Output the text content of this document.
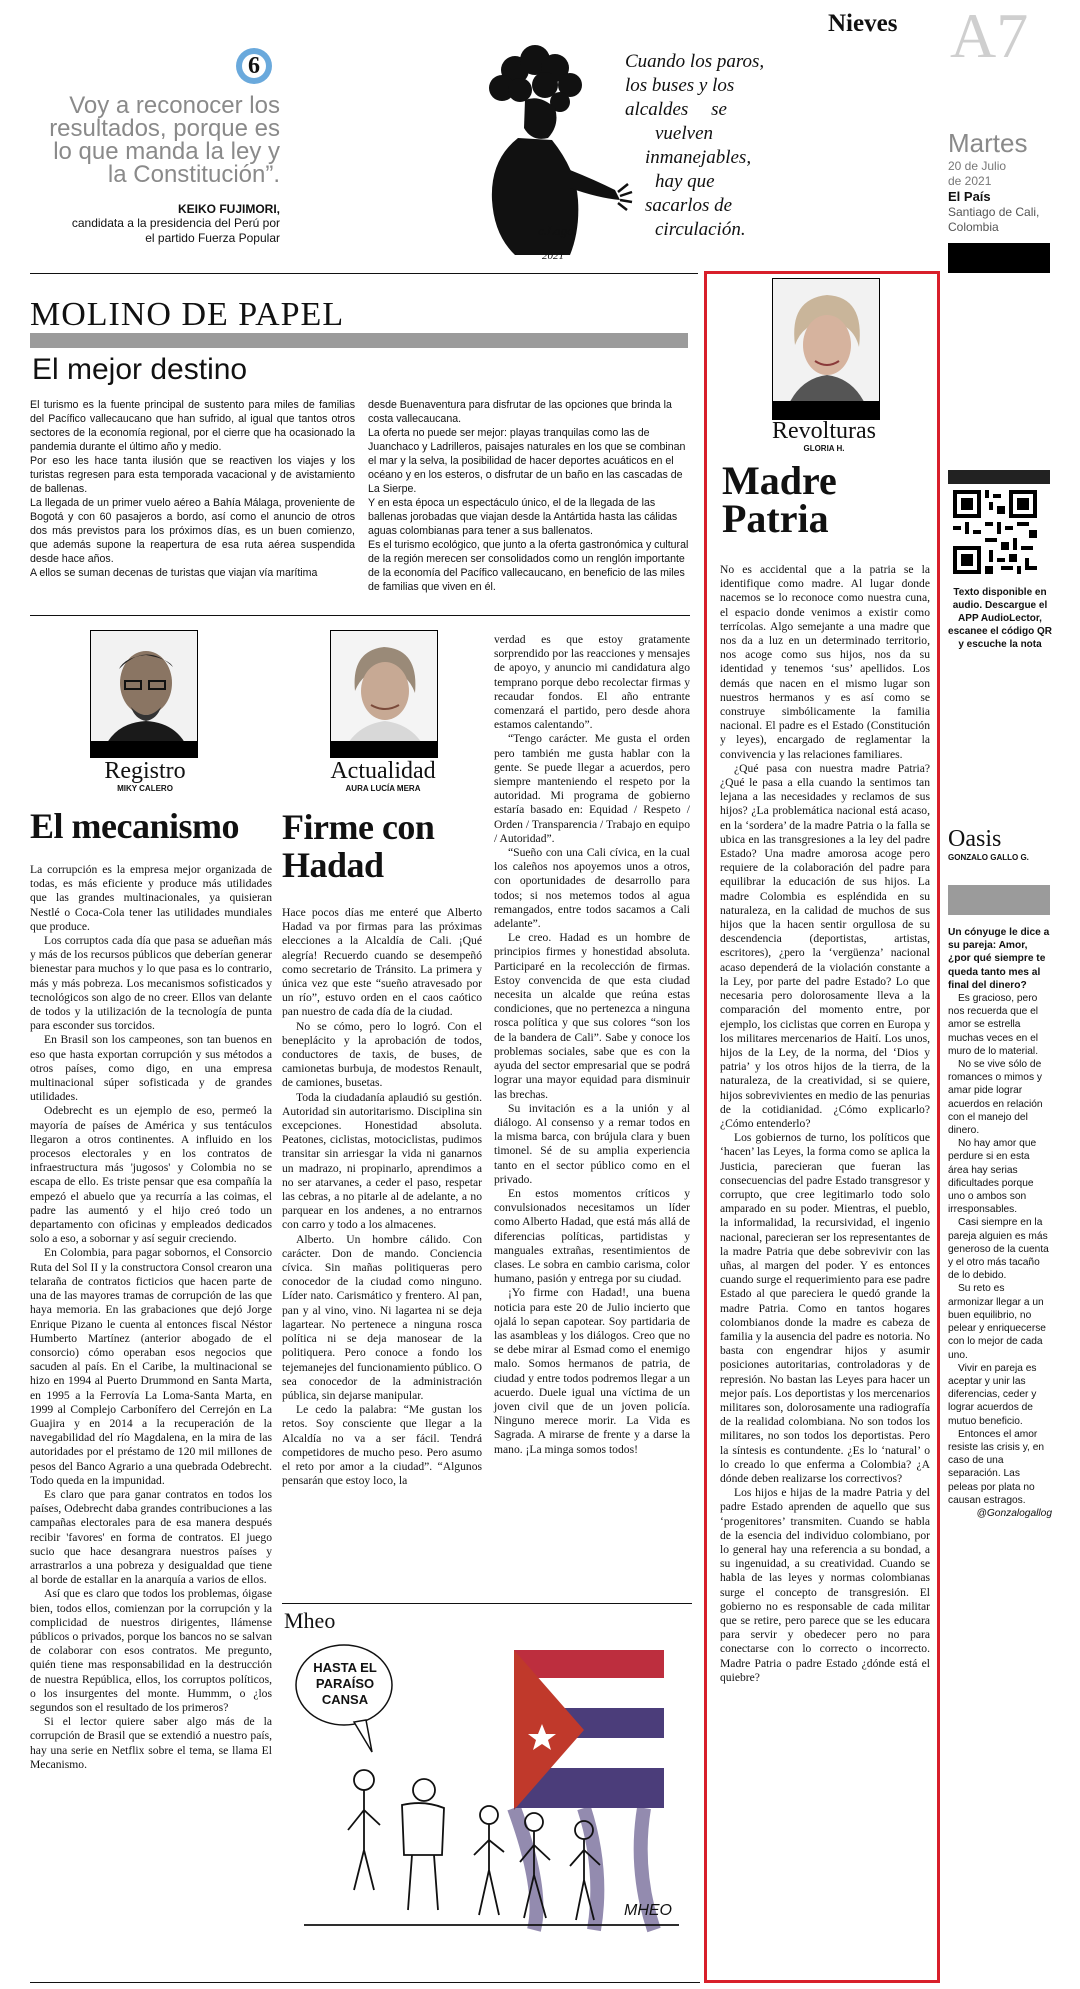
6
Voy a reconocer los resultados, porque es lo que manda la ley y la Constitución”.
KEIKO FUJIMORI,
candidata a la presidencia del Perú por el partido Fuerza Popular
Cuando los paros,
los buses y los
alcaldes se
vuelven
inmanejables,
hay que
sacarlos de
circulación.
c.Lago
2021
Nieves A7
Martes
20 de Julio
de 2021
El País
Santiago de Cali, Colombia
MOLINO DE PAPEL
El mejor destino

El turismo es la fuente principal de sustento para miles de familias del Pacífico vallecaucano que han sufrido, al igual que tantos otros sectores de la economía regional, por el cierre que ha ocasionado la pandemia durante el último año y medio.

Por eso les hace tanta ilusión que se reactiven los viajes y los turistas regresen para esta temporada vacacional y de avistamiento de ballenas.

La llegada de un primer vuelo aéreo a Bahía Málaga, proveniente de Bogotá y con 60 pasajeros a bordo, así como el anuncio de otros dos más previstos para los próximos días, es un buen comienzo, que además supone la reapertura de esa ruta aérea suspendida desde hace años.

A ellos se suman decenas de turistas que viajan vía marítima

desde Buenaventura para disfrutar de las opciones que brinda la costa vallecaucana.

La oferta no puede ser mejor: playas tranquilas como las de Juanchaco y Ladrilleros, paisajes naturales en los que se combinan el mar y la selva, la posibilidad de hacer deportes acuáticos en el océano y en los esteros, o disfrutar de un baño en las cascadas de La Sierpe.

Y en esta época un espectáculo único, el de la llegada de las ballenas jorobadas que viajan desde la Antártida hasta las cálidas aguas colombianas para tener a sus ballenatos.

Es el turismo ecológico, que junto a la oferta gastronómica y cultural de la región merecen ser consolidados como un renglón importante de la economía del Pacífico vallecaucano, en beneficio de las miles de familias que viven en él.

Registro
MIKY CALERO
El mecanismo

La corrupción es la empresa mejor organizada de todas, es más eficiente y produce más utilidades que las grandes multinacionales, ya quisieran Nestlé o Coca-Cola tener las utilidades mundiales que produce.

Los corruptos cada día que pasa se adueñan más y más de los recursos públicos que deberían generar bienestar para muchos y lo que pasa es lo contrario, más y más pobreza. Los mecanismos sofisticados y tecnológicos son algo de no creer. Ellos van delante de todos y la utilización de la tecnología de punta para esconder sus torcidos.

En Brasil son los campeones, son tan buenos en eso que hasta exportan corrupción y sus métodos a otros países, como digo, en una empresa multinacional súper sofisticada y de grandes utilidades.

Odebrecht es un ejemplo de eso, permeó la mayoría de países de América y sus tentáculos llegaron a otros continentes. A influido en los procesos electorales y en los contratos de infraestructura más 'jugosos' y Colombia no se escapa de ello. Es triste pensar que esa compañía la empezó el abuelo que ya recurría a las coimas, el padre las aumentó y el hijo creó todo un departamento con oficinas y empleados dedicados solo a eso, a sobornar y así seguir creciendo.

En Colombia, para pagar sobornos, el Consorcio Ruta del Sol II y la constructora Consol crearon una telaraña de contratos ficticios que hacen parte de una de las mayores tramas de corrupción de las que haya memoria. En las grabaciones que dejó Jorge Enrique Pizano le cuenta al entonces fiscal Néstor Humberto Martínez (anterior abogado de el consorcio) cómo operaban esos negocios que sacuden al país. En el Caribe, la multinacional se hizo en 1994 al Puerto Drummond en Santa Marta, en 1995 a la Ferrovía La Loma-Santa Marta, en 1999 al Complejo Carbonífero del Cerrejón en La Guajira y en 2014 a la recuperación de la navegabilidad del río Magdalena, en la mira de las autoridades por el préstamo de 120 mil millones de pesos del Banco Agrario a una quebrada Odebrecht. Todo queda en la impunidad.

Es claro que para ganar contratos en todos los países, Odebrecht daba grandes contribuciones a las campañas electorales para de esa manera después recibir 'favores' en forma de contratos. El juego sucio que hace desangrara nuestros países y arrastrarlos a una pobreza y desigualdad que tiene al borde de estallar en la anarquía a varios de ellos.

Así que es claro que todos los problemas, óigase bien, todos ellos, comienzan por la corrupción y la complicidad de nuestros dirigentes, llámense públicos o privados, porque los bancos no se salvan de colaborar con esos contratos. Me pregunto, quién tiene mas responsabilidad en la destrucción de nuestra República, ellos, los corruptos políticos, o los insurgentes del monte. Hummm, o ¿los segundos son el resultado de los primeros?

Si el lector quiere saber algo más de la corrupción de Brasil que se extendió a nuestro país, hay una serie en Netflix sobre el tema, se llama El Mecanismo.

Actualidad
AURA LUCÍA MERA
Firme con Hadad

Hace pocos días me enteré que Alberto Hadad va por firmas para las próximas elecciones a la Alcaldía de Cali. ¡Qué alegría! Recuerdo cuando se desempeñó como secretario de Tránsito. La primera y única vez que este “sueño atravesado por un río”, estuvo orden en el caos caótico pan nuestro de cada día de la ciudad.

No se cómo, pero lo logró. Con el beneplácito y la aprobación de todos, conductores de taxis, de buses, de camionetas burbuja, de modestos Renault, de camiones, busetas.

Toda la ciudadanía aplaudió su gestión. Autoridad sin autoritarismo. Disciplina sin excepciones. Honestidad absoluta. Peatones, ciclistas, motociclistas, pudimos transitar sin arriesgar la vida ni ganarnos un madrazo, ni propinarlo, aprendimos a no ser atarvanes, a ceder el paso, respetar las cebras, a no pitarle al de adelante, a no parquear en los andenes, a no entrarnos con carro y todo a los almacenes.

Alberto. Un hombre cálido. Con carácter. Don de mando. Conciencia cívica. Sin mañas politiqueras pero conocedor de la ciudad como ninguno. Líder nato. Carismático y frentero. Al pan, pan y al vino, vino. Ni lagartea ni se deja lagartear. No pertenece a ninguna rosca política ni se deja manosear de la politiquera. Pero conoce a fondo los tejemanejes del funcionamiento público. O sea conocedor de la administración pública, sin dejarse manipular.

Le cedo la palabra: “Me gustan los retos. Soy consciente que llegar a la Alcaldía no va a ser fácil. Tendrá competidores de mucho peso. Pero asumo el reto por amor a la ciudad”. “Algunos pensarán que estoy loco, la

verdad es que estoy gratamente sorprendido por las reacciones y mensajes de apoyo, y anuncio mi candidatura algo temprano porque debo recolectar firmas y recaudar fondos. El año entrante comenzará el partido, pero desde ahora estamos calentando”.

“Tengo carácter. Me gusta el orden pero también me gusta hablar con la gente. Se puede llegar a acuerdos, pero siempre manteniendo el respeto por la autoridad. Mi programa de gobierno estaría basado en: Equidad / Respeto / Orden / Transparencia / Trabajo en equipo / Autoridad”.

“Sueño con una Cali cívica, en la cual los caleños nos apoyemos unos a otros, con oportunidades de desarrollo para todos; si nos metemos todos al agua remangados, entre todos sacamos a Cali adelante”.

Le creo. Hadad es un hombre de principios firmes y honestidad absoluta. Participaré en la recolección de firmas. Estoy convencida de que esta ciudad necesita un alcalde que reúna estas condiciones, que no pertenezca a ninguna rosca política y que sus colores “son los de la bandera de Cali”. Sabe y conoce los problemas sociales, sabe que es con la ayuda del sector empresarial que se podrá lograr una mayor equidad para disminuir las brechas.

Su invitación es a la unión y al diálogo. Al consenso y a remar todos en la misma barca, con brújula clara y buen timonel. Sé de su amplia experiencia tanto en el sector público como en el privado.

En estos momentos críticos y convulsionados necesitamos un líder como Alberto Hadad, que está más allá de diferencias políticas, partidistas y manguales extrañas, resentimientos de clases. Le sobra en cambio carisma, color humano, pasión y entrega por su ciudad.

¡Yo firme con Hadad!, una buena noticia para este 20 de Julio incierto que ojalá lo sepan capotear. Soy partidaria de las asambleas y los diálogos. Creo que no se debe mirar al Esmad como el enemigo malo. Somos hermanos de patria, de ciudad y entre todos podremos llegar a un acuerdo. Duele igual una víctima de un joven civil que de un joven policía. Ninguno merece morir. La Vida es Sagrada. A mirarse de frente y a darse la mano. ¡La minga somos todos!

Mheo
HASTA EL
PARAÍSO
CANSA
MHEO
Revolturas
GLORIA H.
Madre
Patria

No es accidental que a la patria se la identifique como madre. Al lugar donde nacemos se lo reconoce como nuestra cuna, el espacio donde venimos a existir como terrícolas. Algo semejante a una madre que nos da a luz en un determinado territorio, nos acoge como sus hijos, nos da su identidad y tenemos ‘sus’ apellidos. Los demás que nacen en el mismo lugar son nuestros hermanos y es así como se construye simbólicamente la familia nacional. El padre es el Estado (Constitución y leyes), encargado de reglamentar la convivencia y las relaciones familiares.

¿Qué pasa con nuestra madre Patria? ¿Qué le pasa a ella cuando la sentimos tan lejana a las necesidades y reclamos de sus hijos? ¿La problemática nacional está acaso, en la ‘sordera’ de la madre Patria o la falla se ubica en las transgresiones a la ley del padre Estado? Una madre amorosa acoge pero requiere de la colaboración del padre para equilibrar la educación de sus hijos. La madre Colombia es espléndida en su naturaleza, en la calidad de muchos de sus hijos que la hacen sentir orgullosa de su descendencia (deportistas, artistas, escritores), ¿pero la ‘vergüenza’ nacional acaso dependerá de la violación constante a la Ley, por parte del padre Estado? Lo que necesaria pero dolorosamente lleva a la comparación del momento entre, por ejemplo, los ciclistas que corren en Europa y los militares mercenarios de Haití. Los unos, hijos de la Ley, de la norma, del ‘Dios y patria’ y los otros hijos de la tierra, de la naturaleza, de la creatividad, si se quiere, hijos sobrevivientes en medio de las penurias de la cotidianidad. ¿Cómo explicarlo? ¿Cómo entenderlo?

Los gobiernos de turno, los políticos que ‘hacen’ las Leyes, la forma como se aplica la Justicia, parecieran que fueran las consecuencias del padre Estado transgresor y corrupto, que cree legitimarlo todo solo amparado en su poder. Mientras, el pueblo, la informalidad, la recursividad, el ingenio nacional, parecieran ser los representantes de la madre Patria que debe sobrevivir con las uñas, al margen del poder. Y es entonces cuando surge el requerimiento para ese padre Estado al que pareciera le quedó grande la madre Patria. Como en tantos hogares colombianos donde la madre es cabeza de familia y la ausencia del padre es notoria. No basta con engendrar hijos y asumir posiciones autoritarias, controladoras y de represión. No bastan las Leyes para hacer un mejor país. Los deportistas y los mercenarios militares son, dolorosamente una radiografía de la realidad colombiana. No son todos los militares, no son todos los deportistas. Pero la síntesis es contundente. ¿Es lo ‘natural’ o lo creado lo que enferma a Colombia? ¿A dónde deben realizarse los correctivos?

Los hijos e hijas de la madre Patria y del padre Estado aprenden de aquello que sus ‘progenitores’ transmiten. Cuando se habla de la esencia del individuo colombiano, por lo general hay una referencia a su bondad, a su ingenuidad, a su creatividad. Cuando se habla de las leyes y normas colombianas surge el concepto de transgresión. El gobierno no es responsable de cada militar que se retire, pero parece que se les educara para servir y obedecer pero no para conectarse con lo correcto o incorrecto. Madre Patria o padre Estado ¿dónde está el quiebre?

Texto disponible en audio. Descargue el APP AudioLector, escanee el código QR y escuche la nota
Oasis
GONZALO GALLO G.

Un cónyuge le dice a su pareja: Amor, ¿por qué siempre te queda tanto mes al final del dinero?

Es gracioso, pero nos recuerda que el amor se estrella muchas veces en el muro de lo material.

No se vive sólo de romances o mimos y amar pide lograr acuerdos en relación con el manejo del dinero.

No hay amor que perdure si en esta área hay serias dificultades porque uno o ambos son irresponsables.

Casi siempre en la pareja alguien es más generoso de la cuenta y el otro más tacaño de lo debido.

Su reto es armonizar llegar a un buen equilibrio, no pelear y enriquecerse con lo mejor de cada uno.

Vivir en pareja es aceptar y unir las diferencias, ceder y lograr acuerdos de mutuo beneficio.

Entonces el amor resiste las crisis y, en caso de una separación. Las peleas por plata no causan estragos.

@Gonzalogallog
